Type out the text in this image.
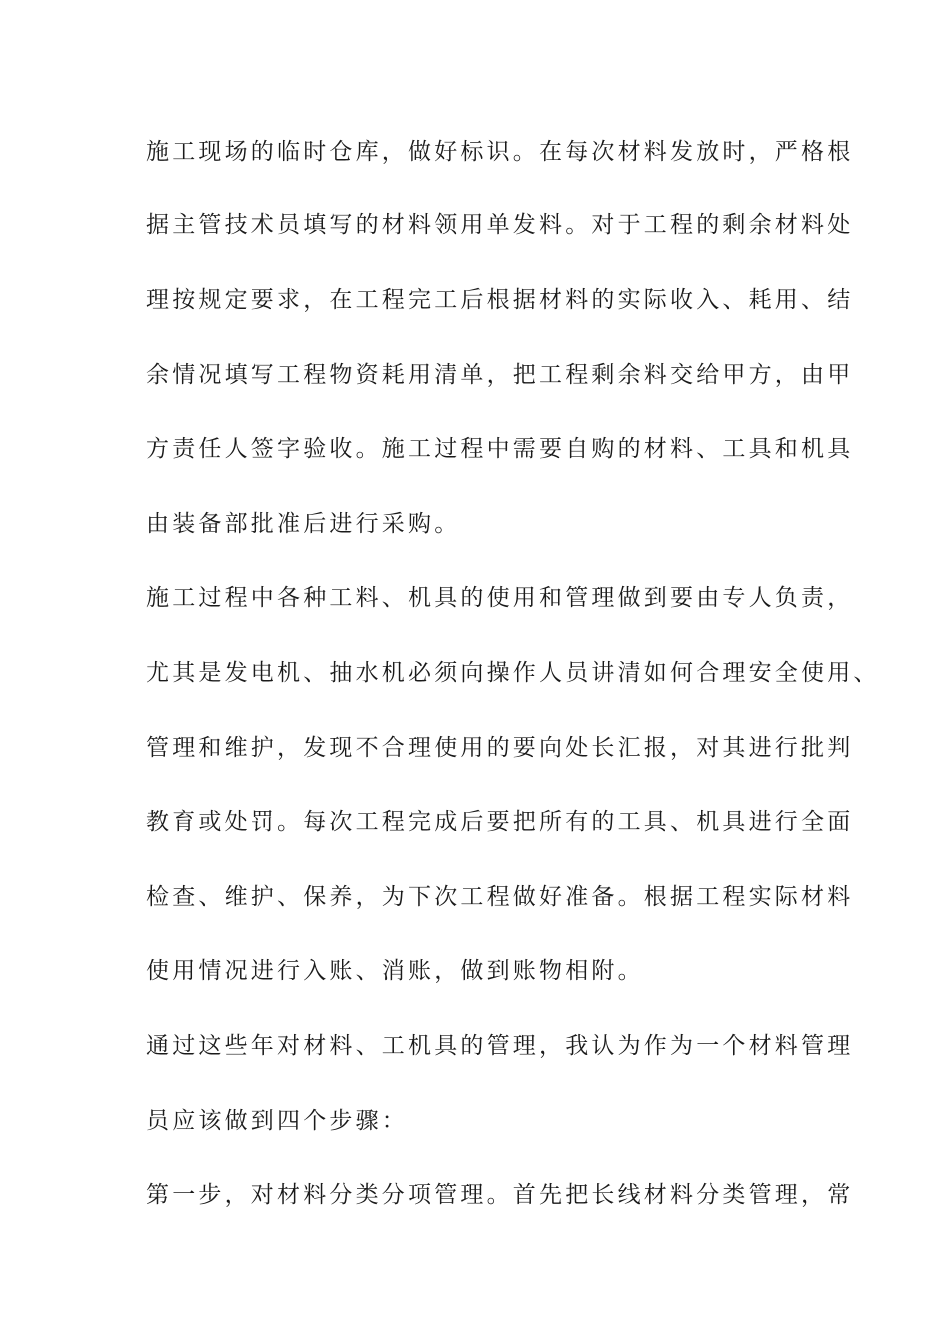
施工现场的临时仓库，做好标识。在每次材料发放时，严格根

据主管技术员填写的材料领用单发料。对于工程的剩余材料处

理按规定要求，在工程完工后根据材料的实际收入、耗用、结

余情况填写工程物资耗用清单，把工程剩余料交给甲方，由甲

方责任人签字验收。施工过程中需要自购的材料、工具和机具

由装备部批准后进行采购。

施工过程中各种工料、机具的使用和管理做到要由专人负责，

尤其是发电机、抽水机必须向操作人员讲清如何合理安全使用、

管理和维护，发现不合理使用的要向处长汇报，对其进行批判

教育或处罚。每次工程完成后要把所有的工具、机具进行全面

检查、维护、保养，为下次工程做好准备。根据工程实际材料

使用情况进行入账、消账，做到账物相附。

通过这些年对材料、工机具的管理，我认为作为一个材料管理

员应该做到四个步骤：

第一步，对材料分类分项管理。首先把长线材料分类管理，常
